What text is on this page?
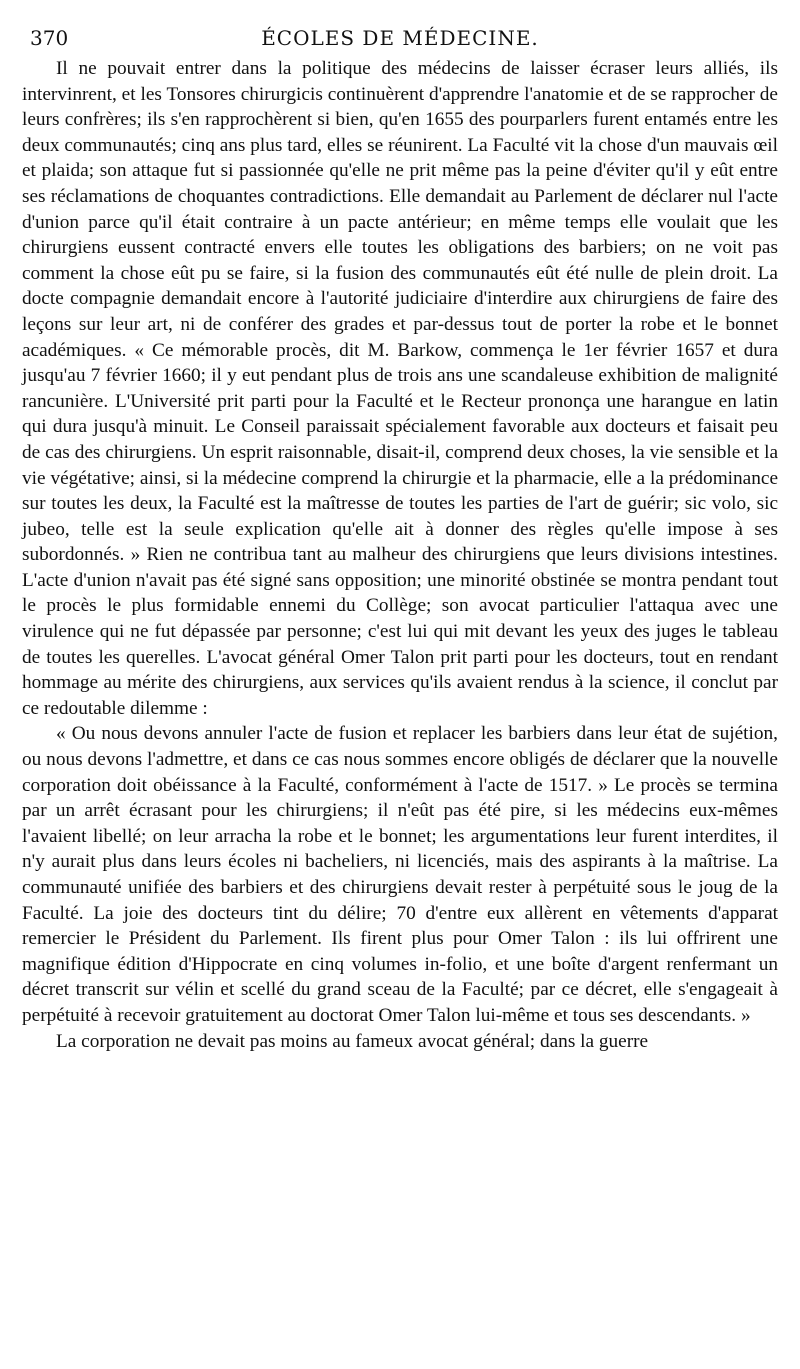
370	ÉCOLES DE MÉDECINE.

Il ne pouvait entrer dans la politique des médecins de laisser écraser leurs alliés, ils intervinrent, et les Tonsores chirurgicis continuèrent d'apprendre l'anatomie et de se rapprocher de leurs confrères; ils s'en rapprochèrent si bien, qu'en 1655 des pourparlers furent entamés entre les deux communautés; cinq ans plus tard, elles se réunirent. La Faculté vit la chose d'un mauvais œil et plaida; son attaque fut si passionnée qu'elle ne prit même pas la peine d'éviter qu'il y eût entre ses réclamations de choquantes contradictions. Elle demandait au Parlement de déclarer nul l'acte d'union parce qu'il était contraire à un pacte antérieur; en même temps elle voulait que les chirurgiens eussent contracté envers elle toutes les obligations des barbiers; on ne voit pas comment la chose eût pu se faire, si la fusion des communautés eût été nulle de plein droit. La docte compagnie demandait encore à l'autorité judiciaire d'interdire aux chirurgiens de faire des leçons sur leur art, ni de conférer des grades et par-dessus tout de porter la robe et le bonnet académiques. « Ce mémorable procès, dit M. Barkow, commença le 1er février 1657 et dura jusqu'au 7 février 1660; il y eut pendant plus de trois ans une scandaleuse exhibition de malignité rancunière. L'Université prit parti pour la Faculté et le Recteur prononça une harangue en latin qui dura jusqu'à minuit. Le Conseil paraissait spécialement favorable aux docteurs et faisait peu de cas des chirurgiens. Un esprit raisonnable, disait-il, comprend deux choses, la vie sensible et la vie végétative; ainsi, si la médecine comprend la chirurgie et la pharmacie, elle a la prédominance sur toutes les deux, la Faculté est la maîtresse de toutes les parties de l'art de guérir; sic volo, sic jubeo, telle est la seule explication qu'elle ait à donner des règles qu'elle impose à ses subordonnés. » Rien ne contribua tant au malheur des chirurgiens que leurs divisions intestines. L'acte d'union n'avait pas été signé sans opposition; une minorité obstinée se montra pendant tout le procès le plus formidable ennemi du Collège; son avocat particulier l'attaqua avec une virulence qui ne fut dépassée par personne; c'est lui qui mit devant les yeux des juges le tableau de toutes les querelles. L'avocat général Omer Talon prit parti pour les docteurs, tout en rendant hommage au mérite des chirurgiens, aux services qu'ils avaient rendus à la science, il conclut par ce redoutable dilemme :

« Ou nous devons annuler l'acte de fusion et replacer les barbiers dans leur état de sujétion, ou nous devons l'admettre, et dans ce cas nous sommes encore obligés de déclarer que la nouvelle corporation doit obéissance à la Faculté, conformément à l'acte de 1517. » Le procès se termina par un arrêt écrasant pour les chirurgiens; il n'eût pas été pire, si les médecins eux-mêmes l'avaient libellé; on leur arracha la robe et le bonnet; les argumentations leur furent interdites, il n'y aurait plus dans leurs écoles ni bacheliers, ni licenciés, mais des aspirants à la maîtrise. La communauté unifiée des barbiers et des chirurgiens devait rester à perpétuité sous le joug de la Faculté. La joie des docteurs tint du délire; 70 d'entre eux allèrent en vêtements d'apparat remercier le Président du Parlement. Ils firent plus pour Omer Talon : ils lui offrirent une magnifique édition d'Hippocrate en cinq volumes in-folio, et une boîte d'argent renfermant un décret transcrit sur vélin et scellé du grand sceau de la Faculté; par ce décret, elle s'engageait à perpétuité à recevoir gratuitement au doctorat Omer Talon lui-même et tous ses descendants. »

La corporation ne devait pas moins au fameux avocat général; dans la guerre
